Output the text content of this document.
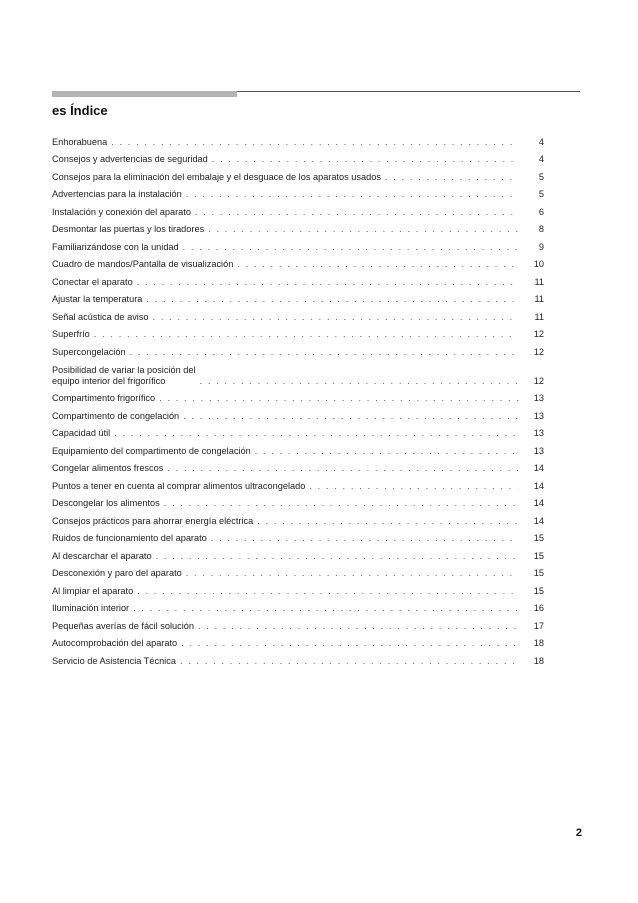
es Índice
Enhorabuena . . .	4
Consejos y advertencias de seguridad . . .	4
Consejos para la eliminación del embalaje y el desguace de los aparatos usados . . .	5
Advertencias para la instalación . . .	5
Instalación y conexión del aparato . . .	6
Desmontar las puertas y los tiradores . . .	8
Familiarizándose con la unidad . . .	9
Cuadro de mandos/Pantalla de visualización . . .	10
Conectar el aparato . . .	11
Ajustar la temperatura . . .	11
Señal acústica de aviso . . .	11
Superfrío . . .	12
Supercongelación . . .	12
Posibilidad de variar la posición del
equipo interior del frigorífico . . .	12
Compartimento frigorífico . . .	13
Compartimento de congelación . . .	13
Capacidad útil . . .	13
Equipamiento del compartimento de congelación . . .	13
Congelar alimentos frescos . . .	14
Puntos a tener en cuenta al comprar alimentos ultracongelado . . .	14
Descongelar los alimentos . . .	14
Consejos prácticos para ahorrar energía eléctrica . . .	14
Ruidos de funcionamiento del aparato . . .	15
Al descarchar el aparato . . .	15
Desconexión y paro del aparato . . .	15
Al limpiar el aparato . . .	15
Iluminación interior . . .	16
Pequeñas averías de fácil solución . . .	17
Autocomprobación del aparato . . .	18
Servicio de Asistencia Técnica . . .	18
2
